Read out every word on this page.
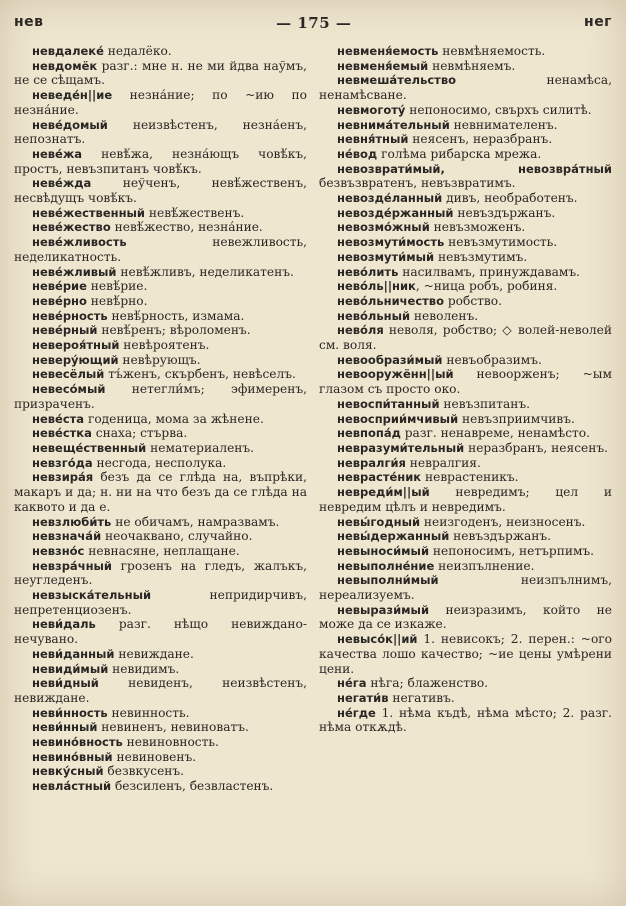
нев	— 175 —	нег

невдалеке́ недалёко.

невдомёк разг.: мне н. не ми йдва наўмъ, не се сѣщамъ.

неведе́н||ие незна́ние; по ~ию по незна́ние.

неве́домый неизвѣстенъ, незна́енъ, непознатъ.

неве́жа невѣ́жа, незна́ющъ човѣ́къ, простъ, невъзпитанъ човѣ́къ.

неве́жда неўченъ, невѣ́жественъ, несвѣдущъ човѣ́къ.

неве́жественный невѣ́жественъ.

неве́жество невѣ́жество, незна́ние.

неве́жливость невежливость, неделикатность.

неве́жливый невѣ́жливъ, неделикатенъ.

неве́рие невѣ́рие.

неве́рно невѣ́рно.

неве́рность невѣ́рность, измама.

неве́рный невѣ́ренъ; вѣроломенъ.

невероя́тный невѣроятенъ.

неверу́ющий невѣрующъ.

невесёлый тъ́женъ, скърбенъ, невѣселъ.

невесо́мый нетегли́мъ; эфимеренъ, призраченъ.

неве́ста годеница, мома за жѣнене.

неве́стка снаха; стърва.

невеще́ственный нематериаленъ.

невзго́да несгода, несполука.

невзира́я безъ да се глѣда на, въпрѣки, макаръ и да; н. ни на что безъ да се глѣда на каквото и да е.

невзлюби́ть не обичамъ, намразвамъ.

невзнача́й неочаквано, случайно.

невзно́с невнасяне, неплащане.

невзра́чный грозенъ на гледъ, жалъкъ, неугледенъ.

невзыска́тельный непридирчивъ, непретенциозенъ.

неви́даль разг. нѣщо невиждано-нечувано.

неви́данный невиждане.

невиди́мый невидимъ.

неви́дный невиденъ, неизвѣстенъ, невиждане.

неви́нность невинность.

неви́нный невиненъ, невиноватъ.

невино́вность невиновность.

невино́вный невиновенъ.

невку́сный безвкусенъ.

невла́стный безсиленъ, безвластенъ.

невменя́емость невмѣняемость.

невменя́емый невмѣняемъ.

невмеша́тельство ненамѣса, ненамѣсване.

невмоготу́ непоносимо, свърхъ силитѣ.

невнима́тельный невнимателенъ.

невня́тный неясенъ, неразбранъ.

не́вод голѣма рибарска мрежа.

невозврати́мый, невозвра́тный безвъзвратенъ, невъзвратимъ.

невозде́ланный дивъ, необработенъ.

невозде́ржанный невъздържанъ.

невозмо́жный невъзможенъ.

невозмути́мость невъзмутимость.

невозмути́мый невъзмутимъ.

нево́лить насилвамъ, принуждавамъ.

нево́ль||ник, ~ница робъ, робиня.

нево́льничество робство.

нево́льный неволенъ.

нево́ля неволя, робство; ◇ волей-неволей см. воля.

невообрази́мый невъобразимъ.

невооружённ||ый невоорженъ; ~ым глазом съ просто око.

невоспи́танный невъзпитанъ.

невосприи́мчивый невъзприимчивъ.

невпопа́д разг. ненавреме, ненамѣсто.

невразуми́тельный неразбранъ, неясенъ.

невралги́я невралгия.

неврасте́ник неврастеникъ.

невреди́м||ый невредимъ; цел и невредим цѣлъ и невредимъ.

невы́годный неизгоденъ, неизносенъ.

невы́держанный невъздържанъ.

невыноси́мый непоносимъ, нетърпимъ.

невыполне́ние неизпълнение.

невыполни́мый неизпълнимъ, нереализуемъ.

невырази́мый неизразимъ, който не може да се изкаже.

невысо́к||ий 1. невисокъ; 2. перен.: ~ого качества лошо качество; ~ие цены умѣрени цени.

не́га нѣга; блаженство.

негати́в негативъ.

не́где 1. нѣма къдѣ, нѣма мѣсто; 2. разг. нѣма откѫдѣ.
